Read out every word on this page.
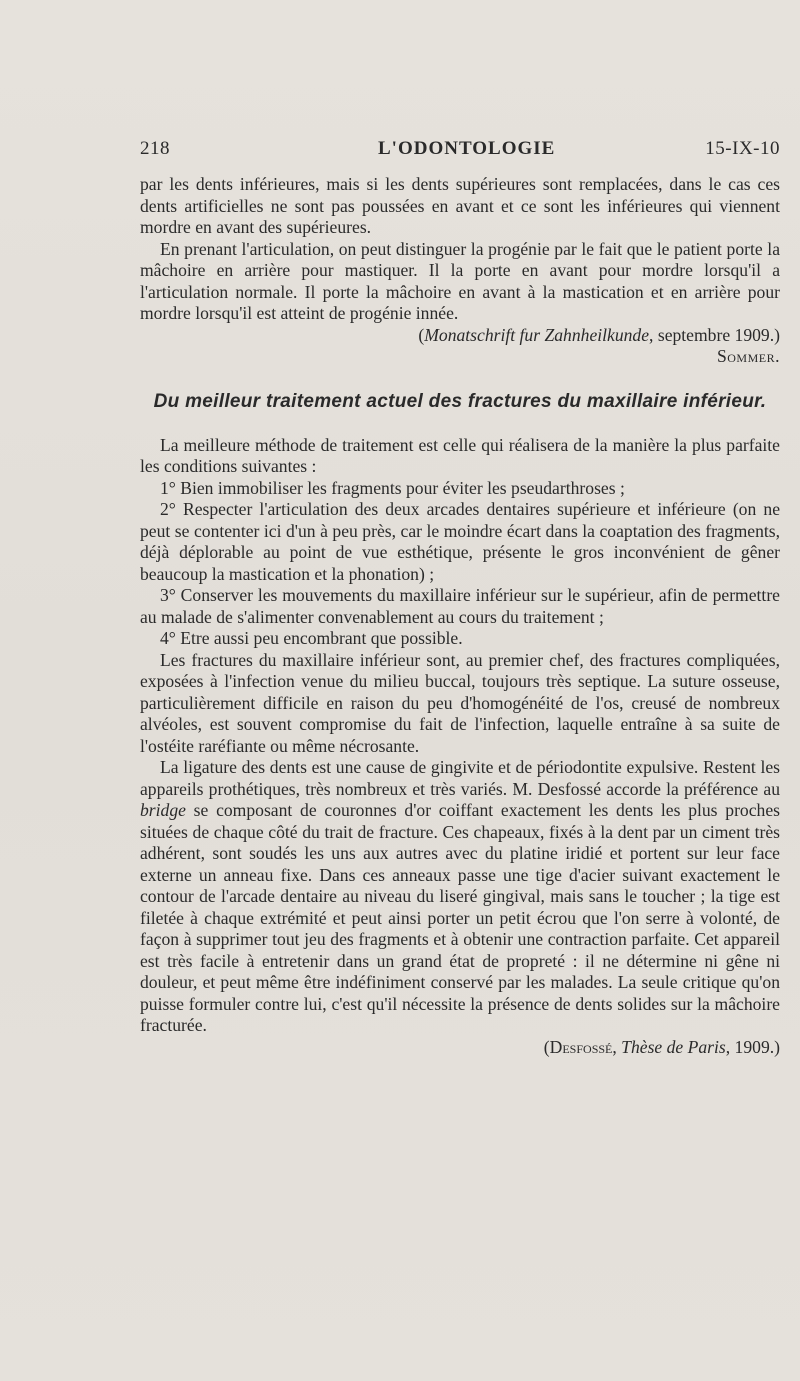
218	L'ODONTOLOGIE	15-IX-10

par les dents inférieures, mais si les dents supérieures sont remplacées, dans le cas ces dents artificielles ne sont pas poussées en avant et ce sont les inférieures qui viennent mordre en avant des supérieures.

En prenant l'articulation, on peut distinguer la progénie par le fait que le patient porte la mâchoire en arrière pour mastiquer. Il la porte en avant pour mordre lorsqu'il a l'articulation normale. Il porte la mâchoire en avant à la mastication et en arrière pour mordre lorsqu'il est atteint de progénie innée.

(Monatschrift fur Zahnheilkunde, septembre 1909.)

Sommer.

Du meilleur traitement actuel des fractures du maxillaire inférieur.

La meilleure méthode de traitement est celle qui réalisera de la manière la plus parfaite les conditions suivantes :

1° Bien immobiliser les fragments pour éviter les pseudarthroses ;

2° Respecter l'articulation des deux arcades dentaires supérieure et inférieure (on ne peut se contenter ici d'un à peu près, car le moindre écart dans la coaptation des fragments, déjà déplorable au point de vue esthétique, présente le gros inconvénient de gêner beaucoup la mastication et la phonation) ;

3° Conserver les mouvements du maxillaire inférieur sur le supérieur, afin de permettre au malade de s'alimenter convenablement au cours du traitement ;

4° Etre aussi peu encombrant que possible.

Les fractures du maxillaire inférieur sont, au premier chef, des fractures compliquées, exposées à l'infection venue du milieu buccal, toujours très septique. La suture osseuse, particulièrement difficile en raison du peu d'homogénéité de l'os, creusé de nombreux alvéoles, est souvent compromise du fait de l'infection, laquelle entraîne à sa suite de l'ostéite raréfiante ou même nécrosante.

La ligature des dents est une cause de gingivite et de périodontite expulsive. Restent les appareils prothétiques, très nombreux et très variés. M. Desfossé accorde la préférence au bridge se composant de couronnes d'or coiffant exactement les dents les plus proches situées de chaque côté du trait de fracture. Ces chapeaux, fixés à la dent par un ciment très adhérent, sont soudés les uns aux autres avec du platine iridié et portent sur leur face externe un anneau fixe. Dans ces anneaux passe une tige d'acier suivant exactement le contour de l'arcade dentaire au niveau du liseré gingival, mais sans le toucher ; la tige est filetée à chaque extrémité et peut ainsi porter un petit écrou que l'on serre à volonté, de façon à supprimer tout jeu des fragments et à obtenir une contraction parfaite. Cet appareil est très facile à entretenir dans un grand état de propreté : il ne détermine ni gêne ni douleur, et peut même être indéfiniment conservé par les malades. La seule critique qu'on puisse formuler contre lui, c'est qu'il nécessite la présence de dents solides sur la mâchoire fracturée.

(Desfossé, Thèse de Paris, 1909.)
